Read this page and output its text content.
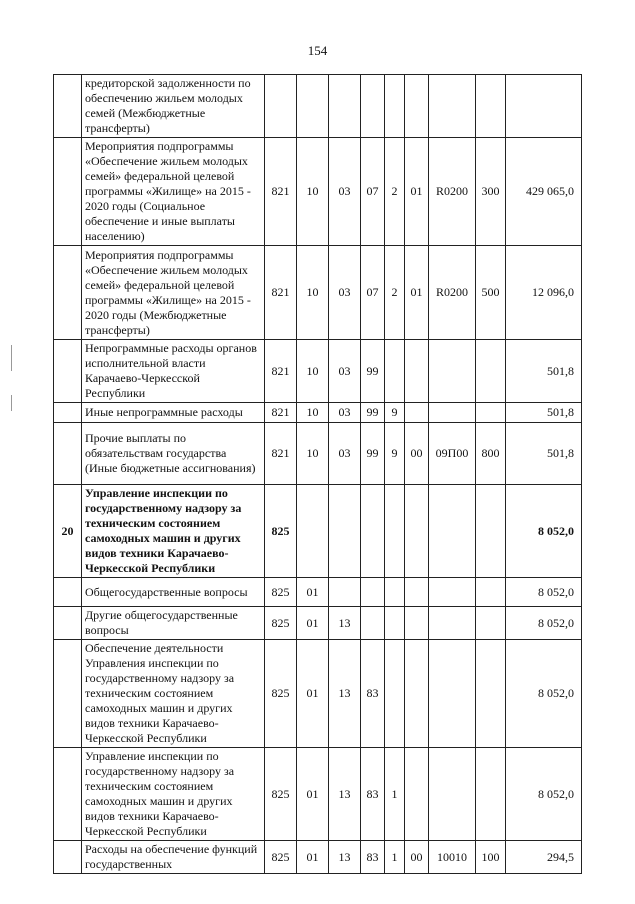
154
	кредиторской задолженности по обеспечению жильем молодых семей (Межбюджетные трансферты)									
	Мероприятия подпрограммы «Обеспечение жильем молодых семей» федеральной целевой программы «Жилище» на 2015 - 2020 годы (Социальное обеспечение и иные выплаты населению)	821	10	03	07	2	01	R0200	300	429 065,0
	Мероприятия подпрограммы «Обеспечение жильем молодых семей» федеральной целевой программы «Жилище» на 2015 - 2020 годы (Межбюджетные трансферты)	821	10	03	07	2	01	R0200	500	12 096,0
	Непрограммные расходы органов исполнительной власти Карачаево-Черкесской Республики	821	10	03	99					501,8
	Иные непрограммные расходы	821	10	03	99	9				501,8
	Прочие выплаты по обязательствам государства (Иные бюджетные ассигнования)	821	10	03	99	9	00	09П00	800	501,8
20	Управление инспекции по государственному надзору за техническим состоянием самоходных машин и других видов техники Карачаево-Черкесской Республики	825								8 052,0
	Общегосударственные вопросы	825	01							8 052,0
	Другие общегосударственные вопросы	825	01	13						8 052,0
	Обеспечение деятельности Управления инспекции по государственному надзору за техническим состоянием самоходных машин и других видов техники Карачаево-Черкесской Республики	825	01	13	83					8 052,0
	Управление инспекции по государственному надзору за техническим состоянием самоходных машин и других видов техники Карачаево-Черкесской Республики	825	01	13	83	1				8 052,0
	Расходы на обеспечение функций государственных	825	01	13	83	1	00	10010	100	294,5
